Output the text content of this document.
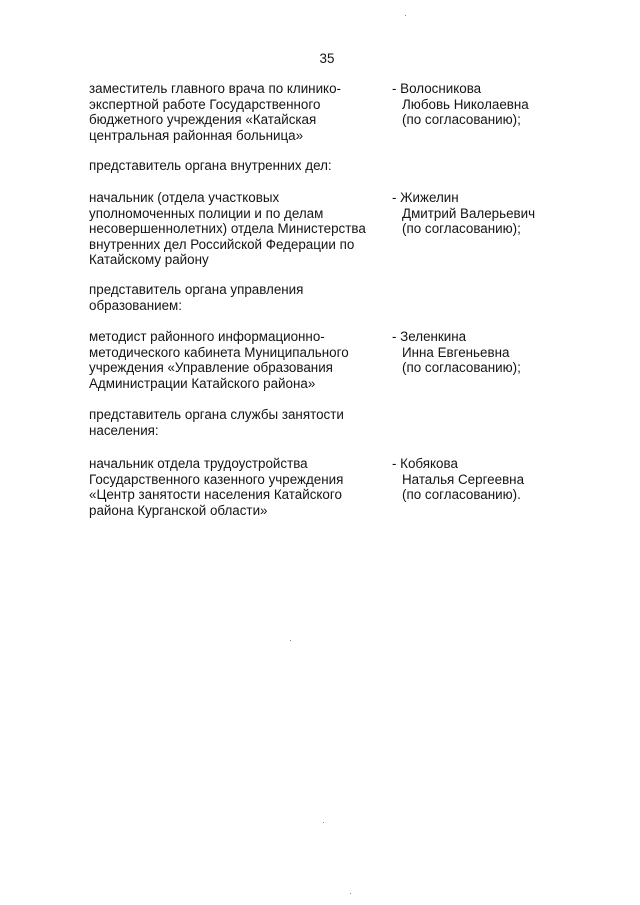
35
заместитель главного врача по клинико-
экспертной работе Государственного
бюджетного учреждения «Катайская
центральная районная больница»
- Волосникова
Любовь Николаевна
(по согласованию);
представитель органа внутренних дел:
начальник (отдела участковых
уполномоченных полиции и по делам
несовершеннолетних) отдела Министерства
внутренних дел Российской Федерации по
Катайскому району
- Жижелин
Дмитрий Валерьевич
(по согласованию);
представитель органа управления
образованием:
методист районного информационно-
методического кабинета Муниципального
учреждения «Управление образования
Администрации Катайского района»
- Зеленкина
Инна Евгеньевна
(по согласованию);
представитель органа службы занятости
населения:
начальник отдела трудоустройства
Государственного казенного учреждения
«Центр занятости населения Катайского
района Курганской области»
- Кобякова
Наталья Сергеевна
(по согласованию).
